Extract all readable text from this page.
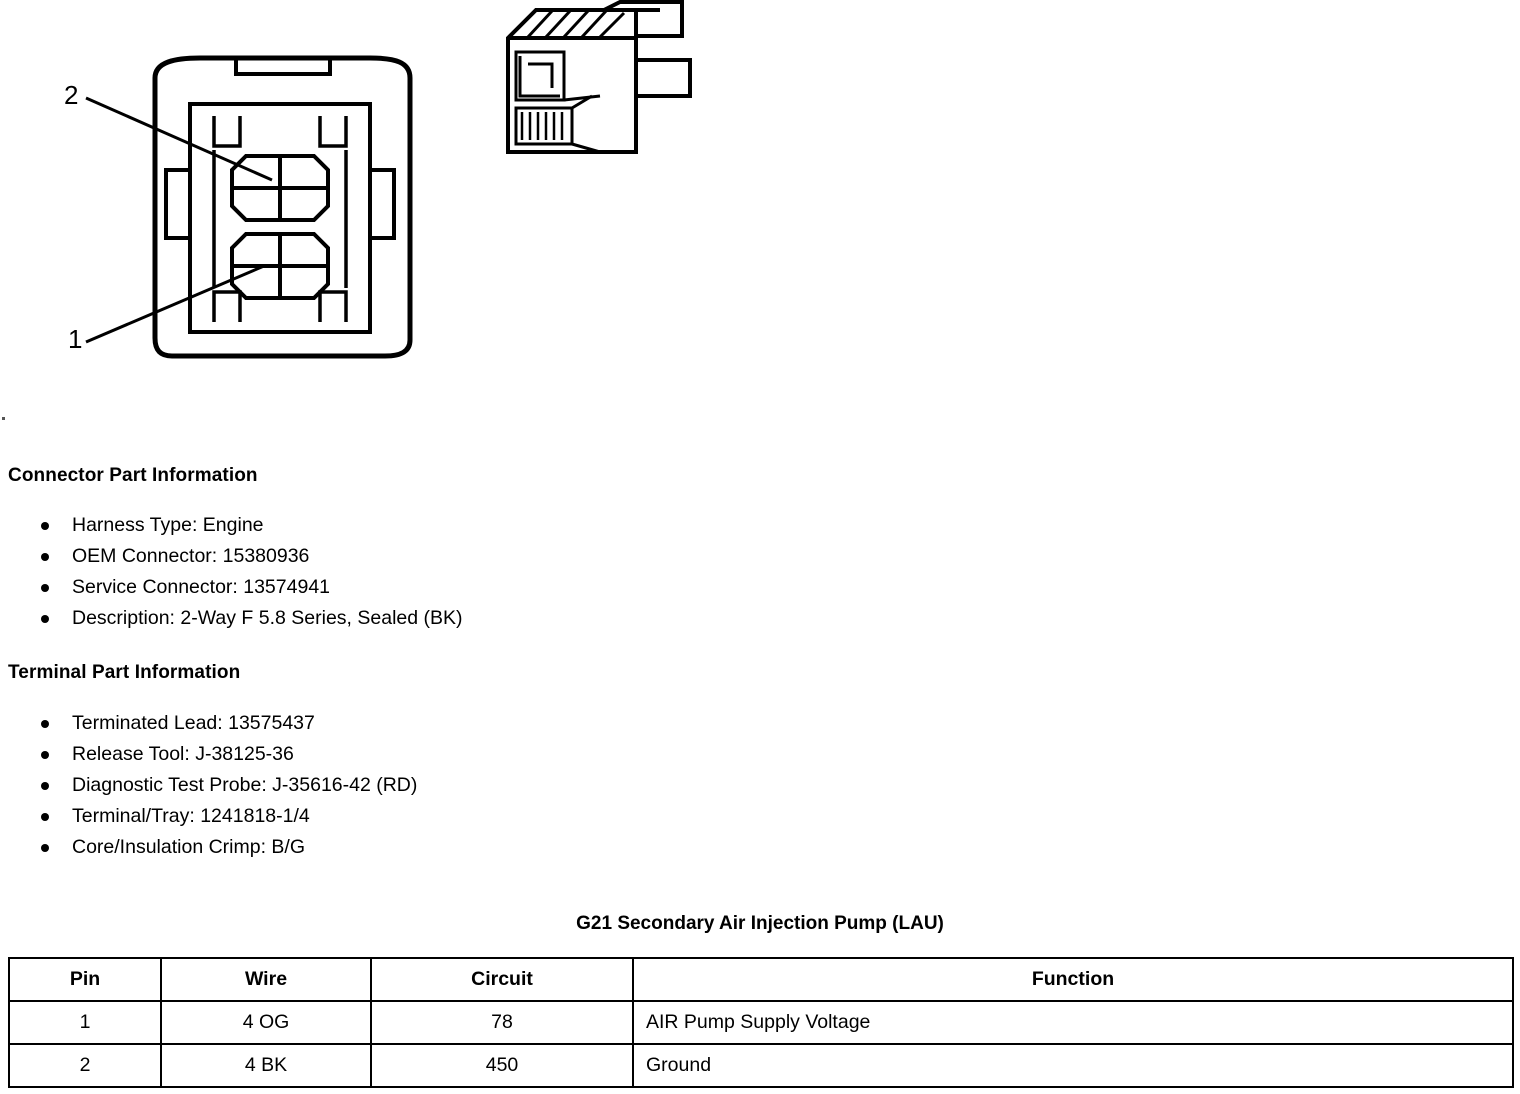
2
1
Connector Part Information
Harness Type: Engine
OEM Connector: 15380936
Service Connector: 13574941
Description: 2-Way F 5.8 Series, Sealed (BK)
Terminal Part Information
Terminated Lead: 13575437
Release Tool: J-38125-36
Diagnostic Test Probe: J-35616-42 (RD)
Terminal/Tray: 1241818-1/4
Core/Insulation Crimp: B/G
G21 Secondary Air Injection Pump (LAU)
Pin	Wire	Circuit	Function
1	4 OG	78	AIR Pump Supply Voltage
2	4 BK	450	Ground
